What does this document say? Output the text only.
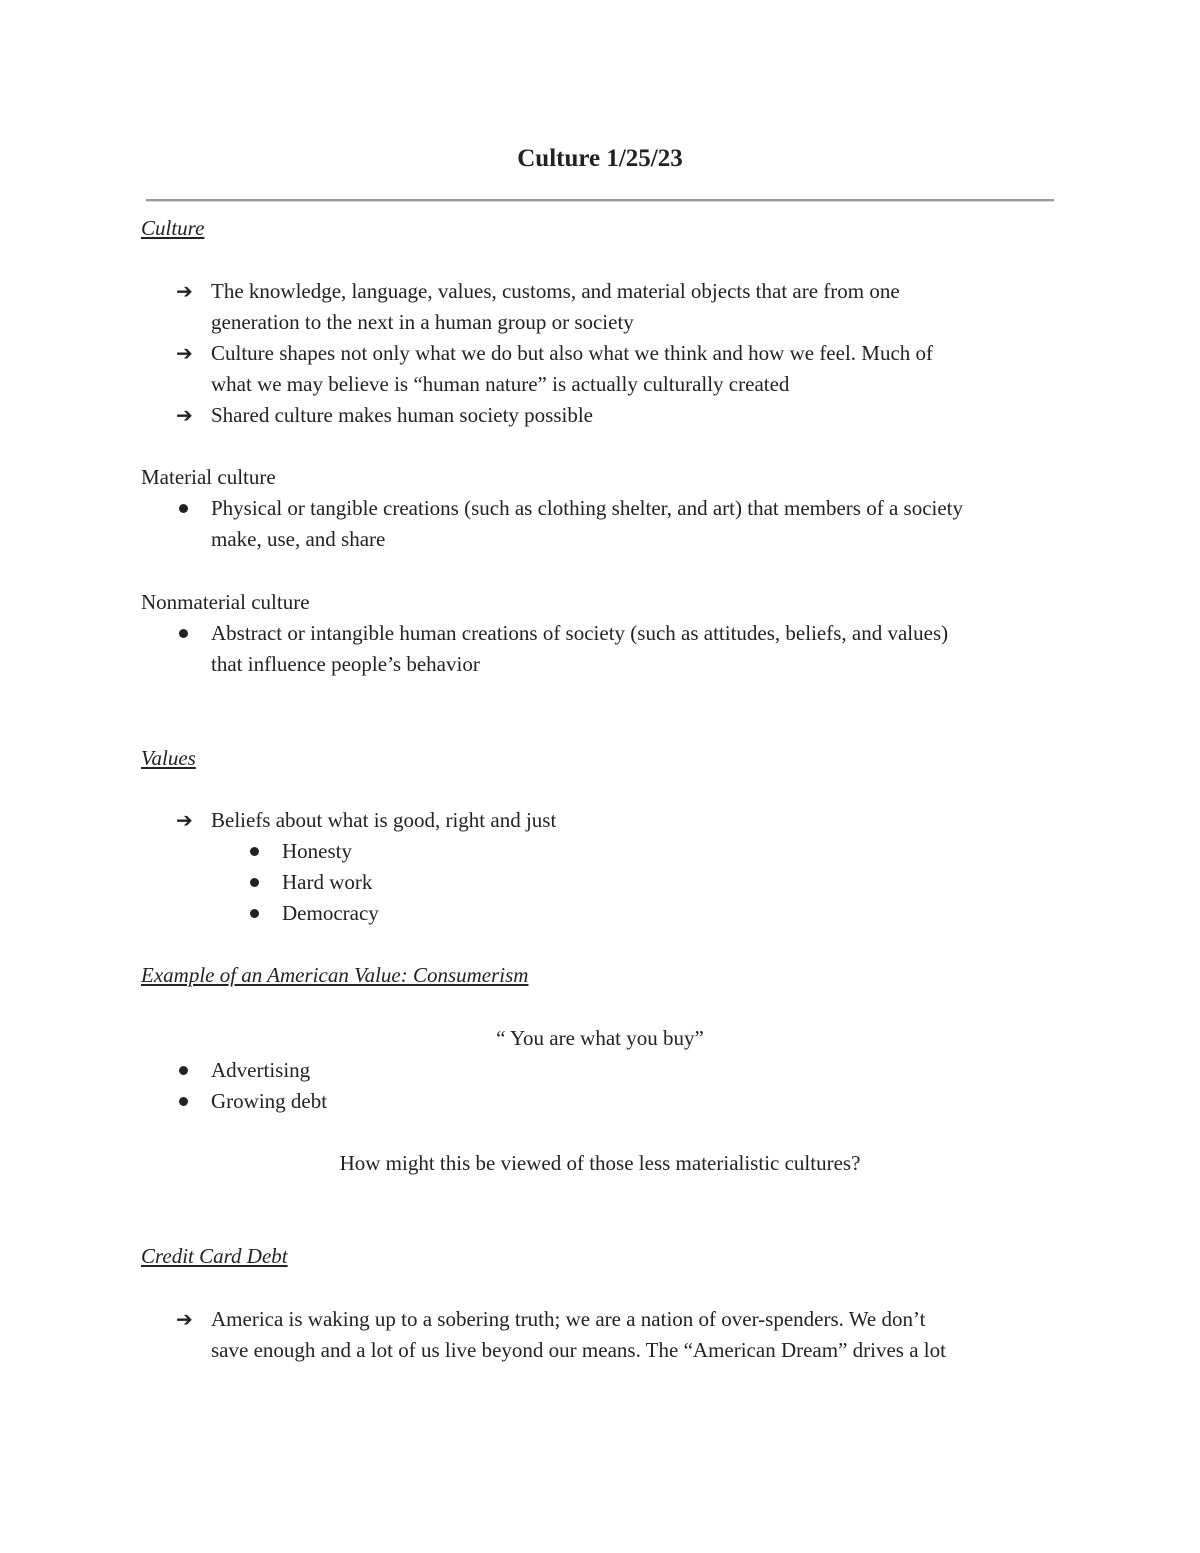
Culture 1/25/23
Culture
➔ The knowledge, language, values, customs, and material objects that are from one
generation to the next in a human group or society
➔ Culture shapes not only what we do but also what we think and how we feel. Much of
what we may believe is “human nature” is actually culturally created
➔ Shared culture makes human society possible
Material culture
Physical or tangible creations (such as clothing shelter, and art) that members of a society
make, use, and share
Nonmaterial culture
Abstract or intangible human creations of society (such as attitudes, beliefs, and values)
that influence people’s behavior
Values
➔ Beliefs about what is good, right and just
Honesty
Hard work
Democracy
Example of an American Value: Consumerism
“ You are what you buy”
Advertising
Growing debt
How might this be viewed of those less materialistic cultures?
Credit Card Debt
➔ America is waking up to a sobering truth; we are a nation of over-spenders. We don’t
save enough and a lot of us live beyond our means. The “American Dream” drives a lot
